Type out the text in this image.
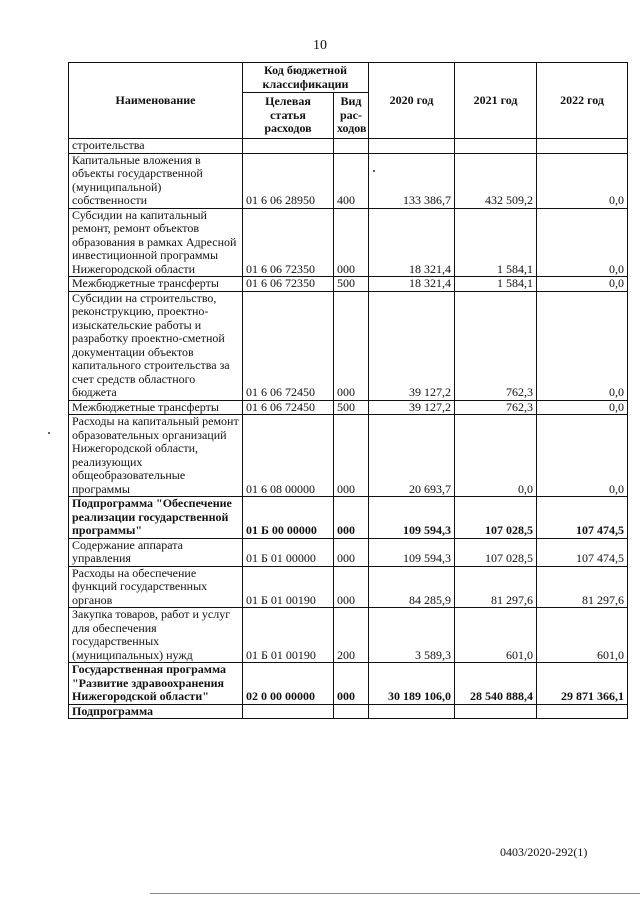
10
Наименование	Код бюджетной классификации		2020 год	2021 год	2022 год
	Целевая статья расходов	Вид рас-ходов			
строительства					
Капитальные вложения в объекты государственной (муниципальной) собственности	01 6 06 28950	400	133 386,7	432 509,2	0,0
Субсидии на капитальный ремонт, ремонт объектов образования в рамках Адресной инвестиционной программы Нижегородской области	01 6 06 72350	000	18 321,4	1 584,1	0,0
Межбюджетные трансферты	01 6 06 72350	500	18 321,4	1 584,1	0,0
Субсидии на строительство, реконструкцию, проектно-изыскательские работы и разработку проектно-сметной документации объектов капитального строительства за счет средств областного бюджета	01 6 06 72450	000	39 127,2	762,3	0,0
Межбюджетные трансферты	01 6 06 72450	500	39 127,2	762,3	0,0
Расходы на капитальный ремонт образовательных организаций Нижегородской области, реализующих общеобразовательные программы	01 6 08 00000	000	20 693,7	0,0	0,0
Подпрограмма "Обеспечение реализации государственной программы"	01 Б 00 00000	000	109 594,3	107 028,5	107 474,5
Содержание аппарата управления	01 Б 01 00000	000	109 594,3	107 028,5	107 474,5
Расходы на обеспечение функций государственных органов	01 Б 01 00190	000	84 285,9	81 297,6	81 297,6
Закупка товаров, работ и услуг для обеспечения государственных (муниципальных) нужд	01 Б 01 00190	200	3 589,3	601,0	601,0
Государственная программа "Развитие здравоохранения Нижегородской области"	02 0 00 00000	000	30 189 106,0	28 540 888,4	29 871 366,1
Подпрограмма					
0403/2020-292(1)
